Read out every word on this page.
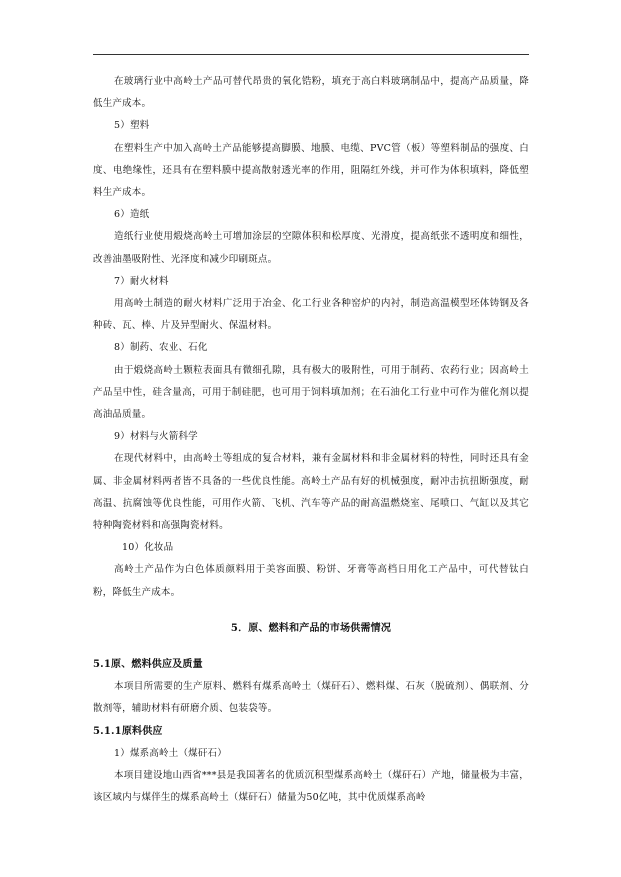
在玻璃行业中高岭土产品可替代昂贵的氧化锆粉，填充于高白料玻璃制品中，提高产品质量，降低生产成本。

5）塑料

在塑料生产中加入高岭土产品能够提高脚膜、地膜、电缆、PVC管（板）等塑料制品的强度、白度、电绝缘性，还具有在塑料膜中提高散射透光率的作用，阻隔红外线，并可作为体积填料，降低塑料生产成本。

6）造纸

造纸行业使用煅烧高岭土可增加涂层的空隙体积和松厚度、光滑度，提高纸张不透明度和细性，改善油墨吸附性、光泽度和减少印刷斑点。

7）耐火材料

用高岭土制造的耐火材料广泛用于冶金、化工行业各种窑炉的内衬，制造高温模型坯体铸钢及各种砖、瓦、棒、片及异型耐火、保温材料。

8）制药、农业、石化

由于煅烧高岭土颗粒表面具有微细孔隙，具有极大的吸附性，可用于制药、农药行业；因高岭土产品呈中性，硅含量高，可用于制硅肥，也可用于饲料填加剂；在石油化工行业中可作为催化剂以提高油品质量。

9）材料与火箭科学

在现代材料中，由高岭土等组成的复合材料，兼有金属材料和非金属材料的特性，同时还具有金属、非金属材料两者皆不具备的一些优良性能。高岭土产品有好的机械强度，耐冲击抗扭断强度，耐高温、抗腐蚀等优良性能，可用作火箭、飞机、汽车等产品的耐高温燃烧室、尾喷口、气缸以及其它特种陶瓷材料和高强陶瓷材料。

10）化妆品

高岭土产品作为白色体质颜料用于美容面膜、粉饼、牙膏等高档日用化工产品中，可代替钛白粉，降低生产成本。

5．原、燃料和产品的市场供需情况

5.1原、燃料供应及质量

本项目所需要的生产原料、燃料有煤系高岭土（煤矸石）、燃料煤、石灰（脱硫剂）、偶联剂、分散剂等，辅助材料有研磨介质、包装袋等。

5.1.1原料供应

1）煤系高岭土（煤矸石）

本项目建设地山西省***县是我国著名的优质沉积型煤系高岭土（煤矸石）产地，储量极为丰富，该区域内与煤伴生的煤系高岭土（煤矸石）储量为50亿吨，其中优质煤系高岭
